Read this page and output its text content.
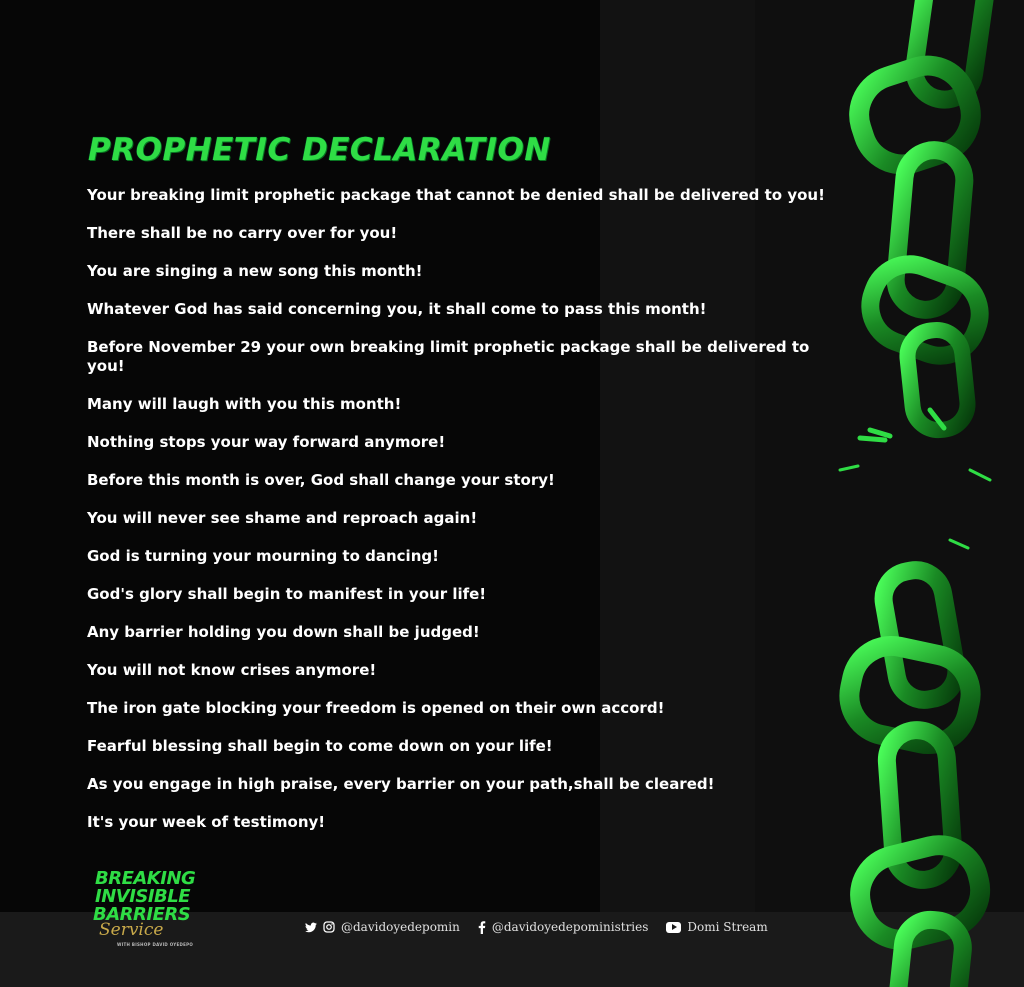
PROPHETIC DECLARATION
Your breaking limit prophetic package that cannot be denied shall be delivered to you!
There shall be no carry over for you!
You are singing a new song this month!
Whatever God has said concerning you, it shall come to pass this month!
Before November 29 your own breaking limit prophetic package shall be delivered to you!
Many will laugh with you this month!
Nothing stops your way forward anymore!
Before this month is over, God shall change your story!
You will never see shame and reproach again!
God is turning your mourning to dancing!
God's glory shall begin to manifest in your life!
Any barrier holding you down shall be judged!
You will not know crises anymore!
The iron gate blocking your freedom is opened on their own accord!
Fearful blessing shall begin to come down on your life!
As you engage in high praise, every barrier on your path,shall be cleared!
It's your week of testimony!
BREAKING
INVISIBLE
BARRIERS
Service
WITH BISHOP DAVID OYEDEPO
@davidoyedepomin	@davidoyedepoministries	Domi Stream
